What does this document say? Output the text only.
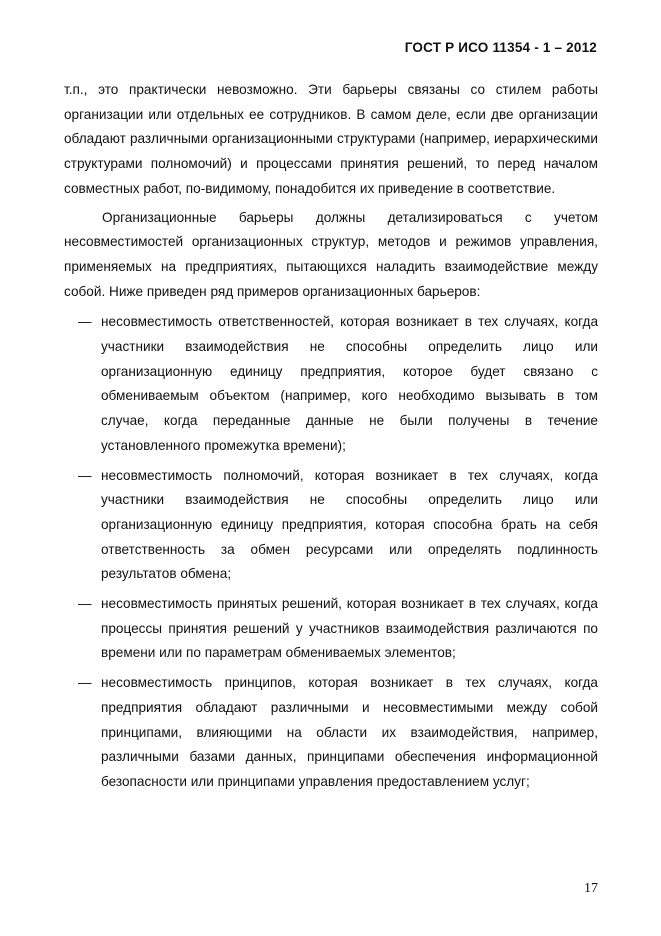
ГОСТ Р ИСО 11354 - 1 – 2012

т.п., это практически невозможно. Эти барьеры связаны со стилем работы организации или отдельных ее сотрудников. В самом деле, если две организации обладают различными организационными структурами (например, иерархическими структурами полномочий) и процессами принятия решений, то перед началом совместных работ, по-видимому, понадобится их приведение в соответствие.

Организационные барьеры должны детализироваться с учетом несовместимостей организационных структур, методов и режимов управления, применяемых на предприятиях, пытающихся наладить взаимодействие между собой. Ниже приведен ряд примеров организационных барьеров:

— несовместимость ответственностей, которая возникает в тех случаях, когда участники взаимодействия не способны определить лицо или организационную единицу предприятия, которое будет связано с обмениваемым объектом (например, кого необходимо вызывать в том случае, когда переданные данные не были получены в течение установленного промежутка времени);
— несовместимость полномочий, которая возникает в тех случаях, когда участники взаимодействия не способны определить лицо или организационную единицу предприятия, которая способна брать на себя ответственность за обмен ресурсами или определять подлинность результатов обмена;
— несовместимость принятых решений, которая возникает в тех случаях, когда процессы принятия решений у участников взаимодействия различаются по времени или по параметрам обмениваемых элементов;
— несовместимость принципов, которая возникает в тех случаях, когда предприятия обладают различными и несовместимыми между собой принципами, влияющими на области их взаимодействия, например, различными базами данных, принципами обеспечения информационной безопасности или принципами управления предоставлением услуг;
17
